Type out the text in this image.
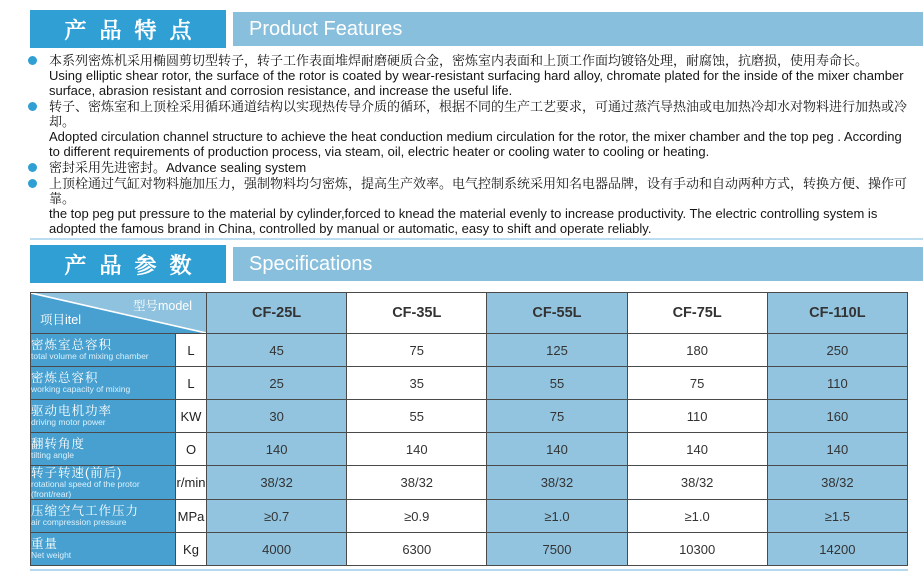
产品特点	Product Features
本系列密炼机采用椭圆剪切型转子，转子工作表面堆焊耐磨硬质合金，密炼室内表面和上顶工作面均镀铬处理，耐腐蚀，抗磨损，使用寿命长。
Using elliptic shear rotor, the surface of the rotor is coated by wear-resistant surfacing hard alloy, chromate plated for the inside of the mixer chamber surface, abrasion resistant and corrosion resistance, and increase the useful life.
转子、密炼室和上顶栓采用循环通道结构以实现热传导介质的循环，根据不同的生产工艺要求，可通过蒸汽导热油或电加热冷却水对物料进行加热或冷却。
Adopted circulation channel structure to achieve the heat conduction medium circulation for the rotor, the mixer chamber and the top peg . According to different requirements of production process, via steam, oil, electric heater or cooling water to cooling or heating.
密封采用先进密封。Advance sealing system
上顶栓通过气缸对物料施加压力，强制物料均匀密炼，提高生产效率。电气控制系统采用知名电器品牌，设有手动和自动两种方式，转换方便、操作可靠。
the top peg put pressure to the material by cylinder,forced to knead the material evenly to increase productivity. The electric controlling system is adopted the famous brand in China, controlled by manual or automatic, easy to shift and operate reliably.
产品参数	Specifications
型号model
项目itel		CF-25L	CF-35L	CF-55L	CF-75L	CF-110L

密炼室总容积
total volume of mixing chamber	L	45	75	125	180	250

密炼总容积
working capacity of mixing	L	25	35	55	75	110

驱动电机功率
driving motor power	KW	30	55	75	110	160

翻转角度
tilting angle	O	140	140	140	140	140

转子转速(前后)
rotational speed of the protor (front/rear)	r/min	38/32	38/32	38/32	38/32	38/32

压缩空气工作压力
air compression pressure	MPa	≥0.7	≥0.9	≥1.0	≥1.0	≥1.5

重量
Net weight	Kg	4000	6300	7500	10300	14200
